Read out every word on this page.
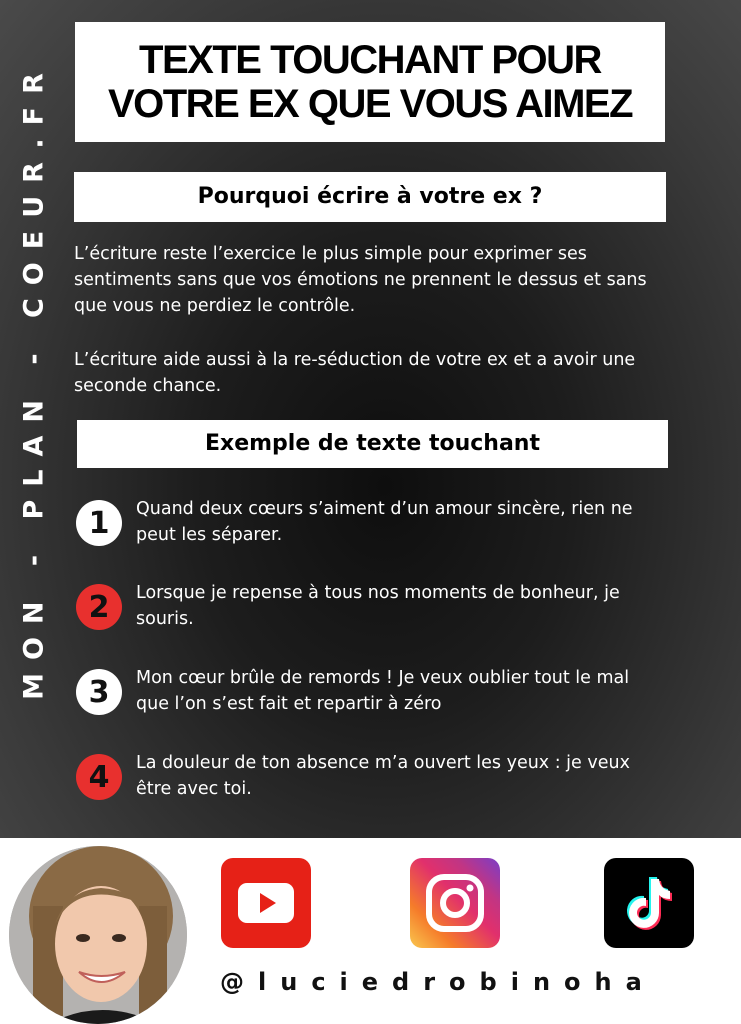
MON - PLAN - COEUR.FR
TEXTE TOUCHANT POUR
VOTRE EX QUE VOUS AIMEZ
Pourquoi écrire à votre ex ?

L’écriture reste l’exercice le plus simple pour exprimer ses sentiments sans que vos émotions ne prennent le dessus et sans que vous ne perdiez le contrôle.

L’écriture aide aussi à la re-séduction de votre ex et a avoir une seconde chance.

Exemple de texte touchant
1	Quand deux cœurs s’aiment d’un amour sincère, rien ne peut les séparer.
2	Lorsque je repense à tous nos moments de bonheur, je souris.
3	Mon cœur brûle de remords ! Je veux oublier tout le mal que l’on s’est fait et repartir à zéro
4	La douleur de ton absence m’a ouvert les yeux : je veux être avec toi.
@luciedrobinoha
